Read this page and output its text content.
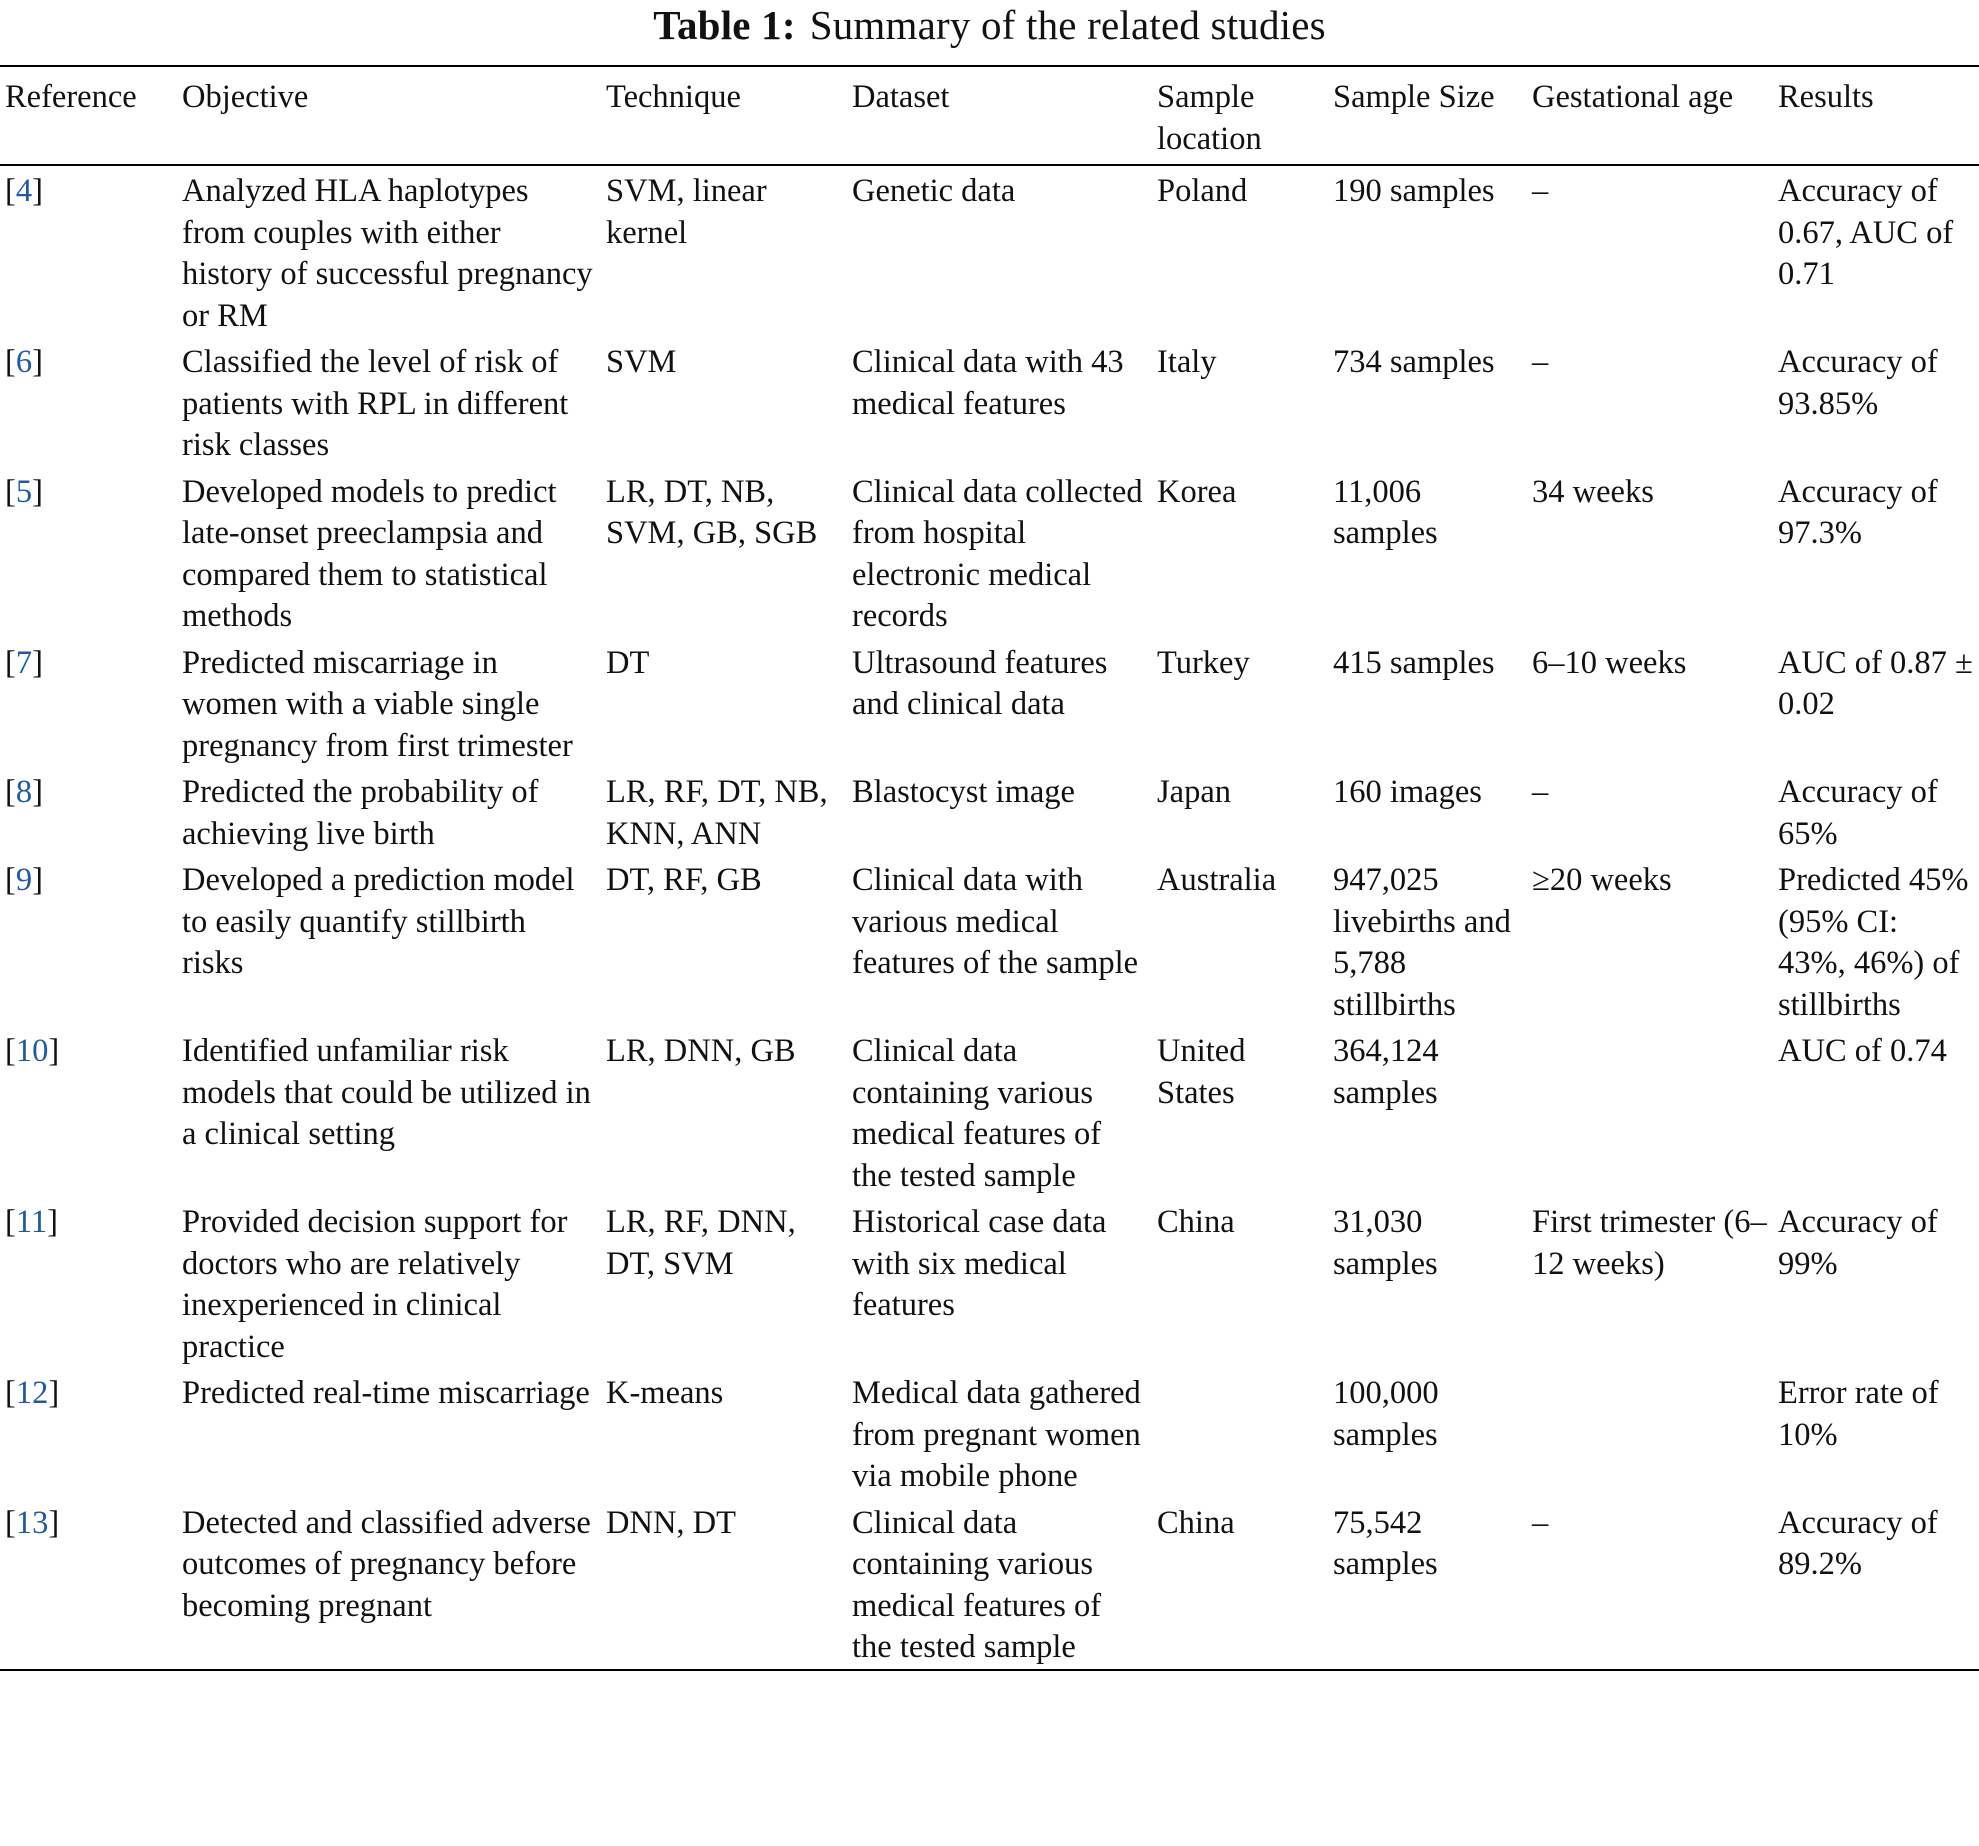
Table 1: Summary of the related studies
Reference	Objective	Technique	Dataset	Sample location	Sample Size	Gestational age	Results
[4]	Analyzed HLA haplotypes from couples with either history of successful pregnancy or RM	SVM, linear kernel	Genetic data	Poland	190 samples	–	Accuracy of 0.67, AUC of 0.71
[6]	Classified the level of risk of patients with RPL in different risk classes	SVM	Clinical data with 43 medical features	Italy	734 samples	–	Accuracy of 93.85%
[5]	Developed models to predict late-onset preeclampsia and compared them to statistical methods	LR, DT, NB, SVM, GB, SGB	Clinical data collected from hospital electronic medical records	Korea	11,006 samples	34 weeks	Accuracy of 97.3%
[7]	Predicted miscarriage in women with a viable single pregnancy from first trimester	DT	Ultrasound features and clinical data	Turkey	415 samples	6–10 weeks	AUC of 0.87 ± 0.02
[8]	Predicted the probability of achieving live birth	LR, RF, DT, NB, KNN, ANN	Blastocyst image	Japan	160 images	–	Accuracy of 65%
[9]	Developed a prediction model to easily quantify stillbirth risks	DT, RF, GB	Clinical data with various medical features of the sample	Australia	947,025 livebirths and 5,788 stillbirths	≥20 weeks	Predicted 45% (95% CI: 43%, 46%) of stillbirths
[10]	Identified unfamiliar risk models that could be utilized in a clinical setting	LR, DNN, GB	Clinical data containing various medical features of the tested sample	United States	364,124 samples		AUC of 0.74
[11]	Provided decision support for doctors who are relatively inexperienced in clinical practice	LR, RF, DNN, DT, SVM	Historical case data with six medical features	China	31,030 samples	First trimester (6–12 weeks)	Accuracy of 99%
[12]	Predicted real-time miscarriage	K-means	Medical data gathered from pregnant women via mobile phone		100,000 samples		Error rate of 10%
[13]	Detected and classified adverse outcomes of pregnancy before becoming pregnant	DNN, DT	Clinical data containing various medical features of the tested sample	China	75,542 samples	–	Accuracy of 89.2%
